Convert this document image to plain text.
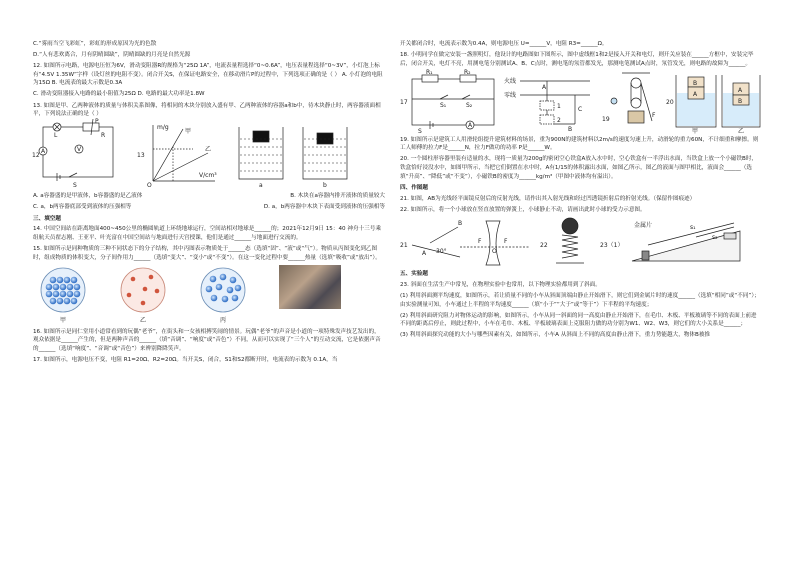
C.“雾雨当空飞彩虹”，彩虹的形成原因为光的色散
D.“人有悲欢离合，月有阴晴圆缺”，阴晴圆缺的月亮是自然光源
12. 如图所示电路，电源电压恒为6V，滑动变阻器R的规格为“25Ω 1A”，电流表量程选择“0~0.6A”，电压表量程选择“0~3V”，小灯泡上标有“4.5V 1.35W”字样（设灯丝的电阻不变）。闭合开关S，在保证电路安全，在移动滑片P的过程中，下列选项正确的是（ ） A. 小灯泡的电阻为15Ω B. 电流表的最大示数是0.3A
C. 滑动变阻器接入电路的最小阻值为25Ω D. 电路的最大功率是1.8W
13. 如图是甲、乙两种液体的质量与体积关系图像，将相同的木块分别放入盛有甲、乙两种液体的容器a和b中，待木块静止时，两容器液面相平，下列说法正确的是（ ）
L	R
P
A	V
S
12
m/g
V/cm³
甲
乙
O
13
a	b
A. a容器盛的是甲液体，b容器盛的是乙液体	B. 木块在a容器内排开液体的质量较大
C. a，b两容器底部受到液体的压强相等	D. a，b两容器中木块下表面受到液体的压强相等
三、填空题
14. 中国空间站在距离地面400~450公里的椭圆轨道上环绕地球运行，空间站相对地球是______的；2021年12月9日 15：40 神舟十三号乘组航天员翟志刚、王亚平、叶光富在中国空间站与地面进行天宫授课，他们是通过______与地面进行交流的。
15. 如图所示是同种物质的三种不同状态下的分子结构，其中丙图表示物质处于______态（选填“固”、“液”或“气”）。物质从丙图变化到乙图时，组成物质的体积变大，分子间作用力______（选填“变大”、“变小”或“不变”）。在这一变化过程中要______热量（选填“吸收”或“放出”）。
甲	乙	丙
16. 如图所示是同仁堂用小道常看到的玩偶“老爷”，在街头和一女孩相搏笑闹的情景。玩偶“老爷”的声音是小道的一项特殊发声技艺发出的，观众依据是______产生的，但是两种声音的______（填“音调”、“响度”或“音色”）不同，从而可以实现了“三个人”的互动交流，它是依据声音的______（选填“响度”、“音调”或“音色”）来辨别降降笑声。
17. 如图所示，电源电压不变，电阻 R1=20Ω、R2=20Ω。当开关S，闭合，S1和S2都断开时，电流表的示数为 0.1A，当
开关都闭合时，电流表示数为0.4A，则电源电压 U=______V，电阻 R3=______Ω。
18. 小明同学在做完安装一盏照明灯，他设计的电路图如下图所示，图中虚线框1和2是接入开关和电灯，则开关应装在______方框中，安装完毕后，闭合开关，电灯不亮，用测电笔分别测试A、B、C点时，测电笔的氖管都发光，那测电笔测试A点时，氖管发光，则电路的故障为______。
R₁	R₂
S₁	S₂
S
A
17
火线
零线
1
2
A
B
C
F
19
B
A
A
B
甲	乙
20
19. 如图所示是建筑工人用滑轮组提升建筑材料的场景，重为900N的建筑材料以2m/s的速度匀速上升，动滑轮的重力60N，不计细重和摩擦。则工人师傅的拉力F是______N，拉力F做功的功率 P是______W。
20. 一个圆柱形容器里装有适量的水，现将一质量为200g的密闭空心铁盒A放入水中时，空心铁盒有一半浮出水面，当铁盒上放一个小磁铁B时，铁盒恰好浸没水中，如图甲所示，当把它们倒置在水中时，A有1/15的体积露出水面，如图乙所示，图乙的液面与图甲相比，液面会______（选填“升高”、“降低”或“不变”），小磁铁B的密度为______kg/m³（甲图中液体均有溢出）。
四、作图题
21. 如图，AB为光线经平面镜反射后的反射光线，请作出其入射光线和经过凹透镜折射后的折射光线。（保留作图痕迹）
22. 如图所示，将一个小球放在竖直放置的弹簧上，小球静止不动，请画出此时小球的受力示意图。
21
30°
A
B
F	F
O
22	23（1）
金属片	s₁
s₂
五、实验题
23. 斜面在生活生产中常见，在物理实验中也常用，以下物理实验都用到了斜面。
(1) 利用斜面测平均速度，如图所示，若让质量不同的小车从斜面顶端由静止开始滑下，则它们到金属片时的速度______（选填“相同”或“不同”）；由实验测量可知，小车通过上半程的平均速度______（填“小于”“大于”或“等于”）下半程的平均速度；
(2) 利用斜面研究阻力对物体运动的影响，如图所示，小车从同一斜面的同一高度由静止开始滑下，在毛巾、木板、平板玻璃等不同的表面上前进不同的距离后停止，则此过程中，小车在毛巾、木板、平板玻璃表面上克服阻力做的功分别为W1、W2、W3，则它们的大小关系是______；
(3) 利用斜面探究动能的大小与哪些因素有关，如图所示，小车A 从斜面上不同的高度由静止滑下，重力势能越大，物体B被推
